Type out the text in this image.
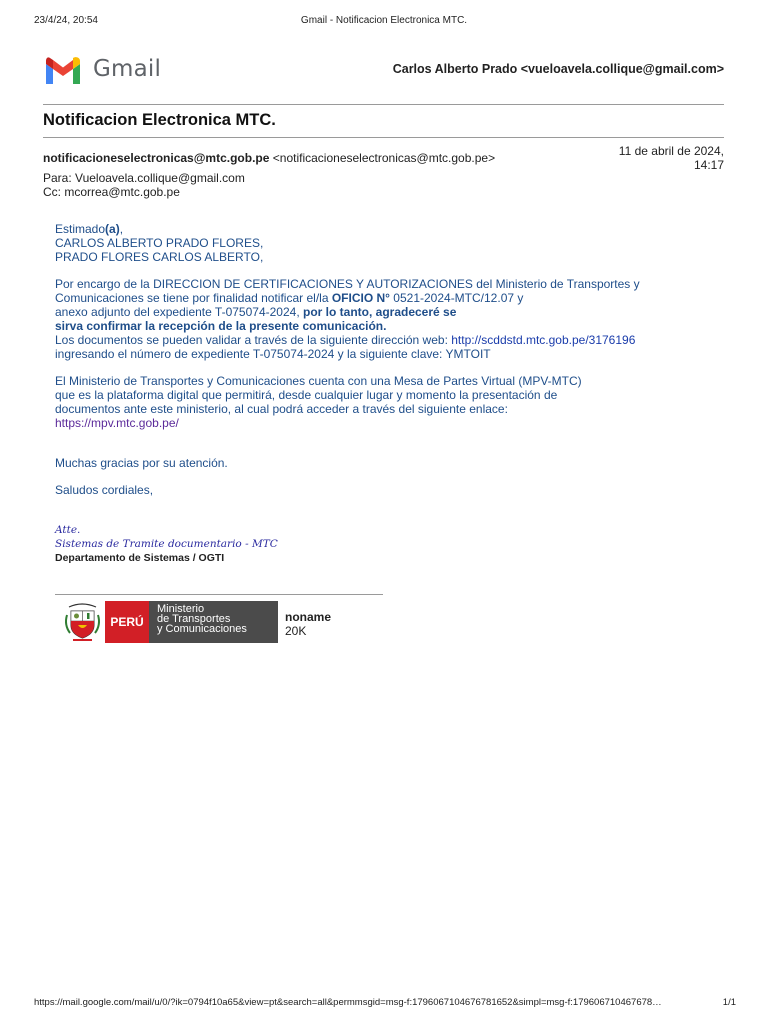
23/4/24, 20:54	Gmail - Notificacion Electronica MTC.
Gmail	Carlos Alberto Prado <vueloavela.collique@gmail.com>
Notificacion Electronica MTC.
notificacioneselectronicas@mtc.gob.pe <notificacioneselectronicas@mtc.gob.pe>	11 de abril de 2024,
14:17
Para: Vueloavela.collique@gmail.com
Cc: mcorrea@mtc.gob.pe
Estimado(a),
CARLOS ALBERTO PRADO FLORES,
PRADO FLORES CARLOS ALBERTO,
Por encargo de la DIRECCION DE CERTIFICACIONES Y AUTORIZACIONES del Ministerio de Transportes y
Comunicaciones se tiene por finalidad notificar el/la OFICIO N° 0521-2024-MTC/12.07 y
anexo adjunto del expediente T-075074-2024, por lo tanto, agradeceré se
sirva confirmar la recepción de la presente comunicación.
Los documentos se pueden validar a través de la siguiente dirección web: http://scddstd.mtc.gob.pe/3176196
ingresando el número de expediente T-075074-2024 y la siguiente clave: YMTOIT
El Ministerio de Transportes y Comunicaciones cuenta con una Mesa de Partes Virtual (MPV-MTC)
que es la plataforma digital que permitirá, desde cualquier lugar y momento la presentación de
documentos ante este ministerio, al cual podrá acceder a través del siguiente enlace:
https://mpv.mtc.gob.pe/
Muchas gracias por su atención.
Saludos cordiales,
Atte.
Sistemas de Tramite documentario - MTC
Departamento de Sistemas / OGTI
PERÚ
Ministerio
de Transportes
y Comunicaciones
noname
20K
https://mail.google.com/mail/u/0/?ik=0794f10a65&view=pt&search=all&permmsgid=msg-f:1796067104676781652&simpl=msg-f:179606710467678…	1/1
